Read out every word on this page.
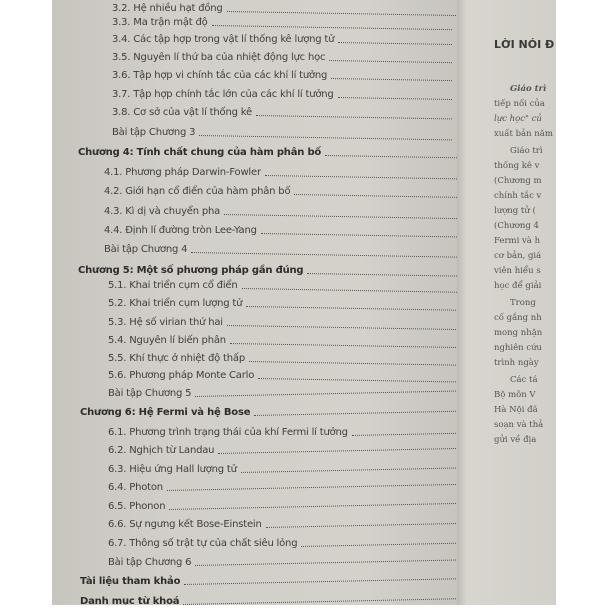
3.2. Hệ nhiều hạt đồng
3.3. Ma trận mật độ
3.4. Các tập hợp trong vật lí thống kê lượng tử
3.5. Nguyên lí thứ ba của nhiệt động lực học
3.6. Tập hợp vi chính tắc của các khí lí tưởng
3.7. Tập hợp chính tắc lớn của các khí lí tưởng
3.8. Cơ sở của vật lí thống kê
Bài tập Chương 3
Chương 4: Tính chất chung của hàm phân bố
4.1. Phương pháp Darwin-Fowler
4.2. Giới hạn cổ điển của hàm phân bố
4.3. Kì dị và chuyển pha
4.4. Định lí đường tròn Lee-Yang
Bài tập Chương 4
Chương 5: Một số phương pháp gần đúng
5.1. Khai triển cụm cổ điển
5.2. Khai triển cụm lượng tử
5.3. Hệ số virian thứ hai
5.4. Nguyên lí biến phân
5.5. Khí thực ở nhiệt độ thấp
5.6. Phương pháp Monte Carlo
Bài tập Chương 5
Chương 6: Hệ Fermi và hệ Bose
6.1. Phương trình trạng thái của khí Fermi lí tưởng
6.2. Nghịch từ Landau
6.3. Hiệu ứng Hall lượng tử
6.4. Photon
6.5. Phonon
6.6. Sự ngưng kết Bose-Einstein
6.7. Thông số trật tự của chất siêu lỏng
Bài tập Chương 6
Tài liệu tham khảo
Danh mục từ khoá
LỜI NÓI Đ
Giáo trì
tiếp nối của
lực học" củ
xuất bản năm
Giáo trì
thống kê v
(Chương m
chính tắc v
lượng tử (
(Chương 4
Fermi và h
cơ bản, giá
viên hiểu s
học để giải
Trong
cố gắng nh
mong nhận
nghiên cứu
trình ngày
Các tá
Bộ môn V
Hà Nội đã
soạn và thả
gửi về địa
